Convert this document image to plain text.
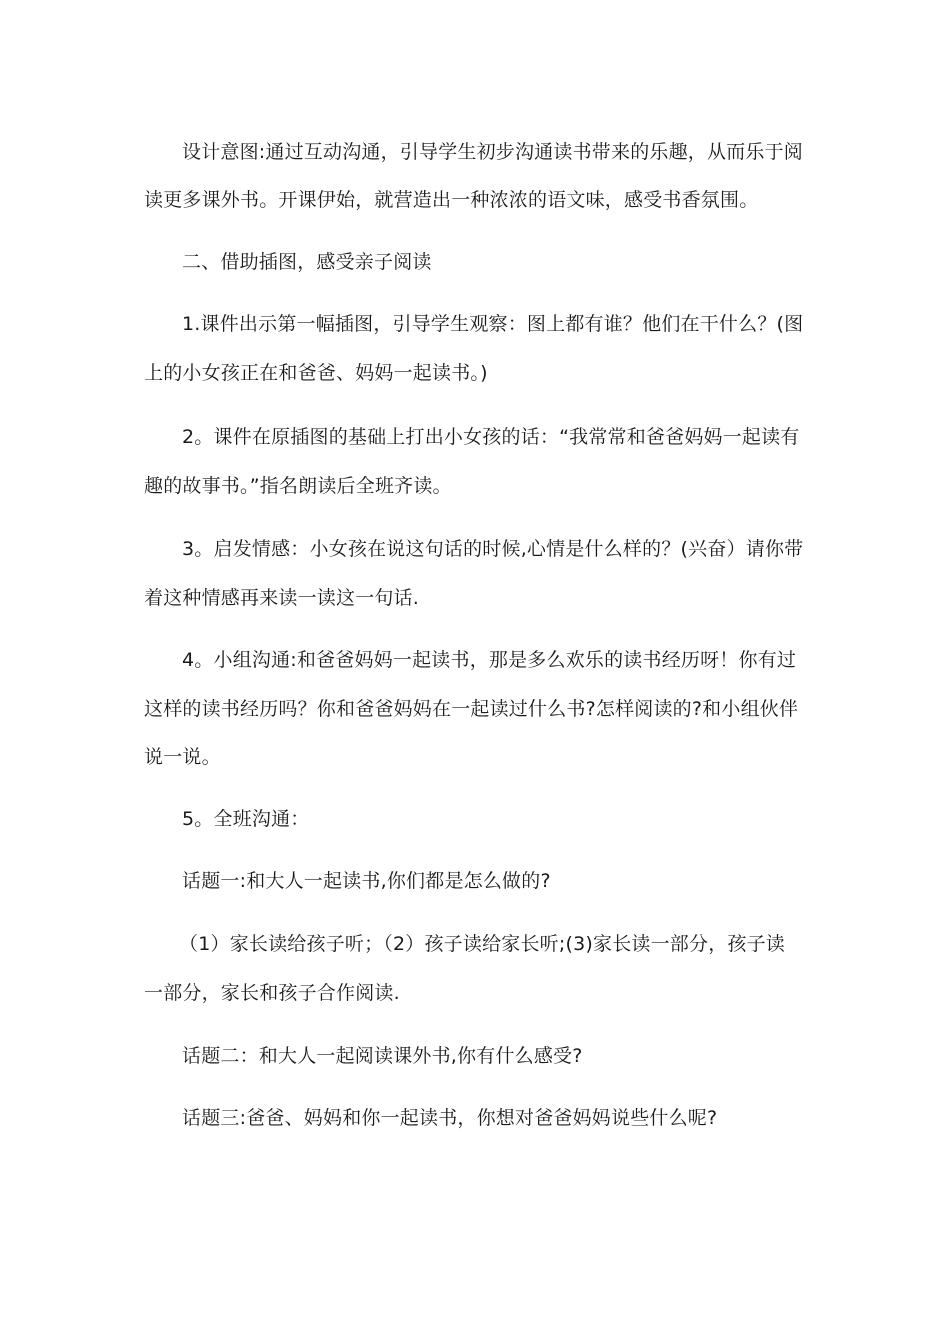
设计意图:通过互动沟通，引导学生初步沟通读书带来的乐趣，从而乐于阅
读更多课外书。开课伊始，就营造出一种浓浓的语文味，感受书香氛围。
二、借助插图，感受亲子阅读
1.课件出示第一幅插图，引导学生观察：图上都有谁？他们在干什么？(图
上的小女孩正在和爸爸、妈妈一起读书。)
2。课件在原插图的基础上打出小女孩的话：“我常常和爸爸妈妈一起读有
趣的故事书。”指名朗读后全班齐读。
3。启发情感：小女孩在说这句话的时候,心情是什么样的？(兴奋）请你带
着这种情感再来读一读这一句话.
4。小组沟通:和爸爸妈妈一起读书，那是多么欢乐的读书经历呀！你有过
这样的读书经历吗？你和爸爸妈妈在一起读过什么书?怎样阅读的?和小组伙伴
说一说。
5。全班沟通：
话题一:和大人一起读书,你们都是怎么做的?
（1）家长读给孩子听；（2）孩子读给家长听;(3)家长读一部分，孩子读
一部分，家长和孩子合作阅读.
话题二：和大人一起阅读课外书,你有什么感受?
话题三:爸爸、妈妈和你一起读书，你想对爸爸妈妈说些什么呢?
